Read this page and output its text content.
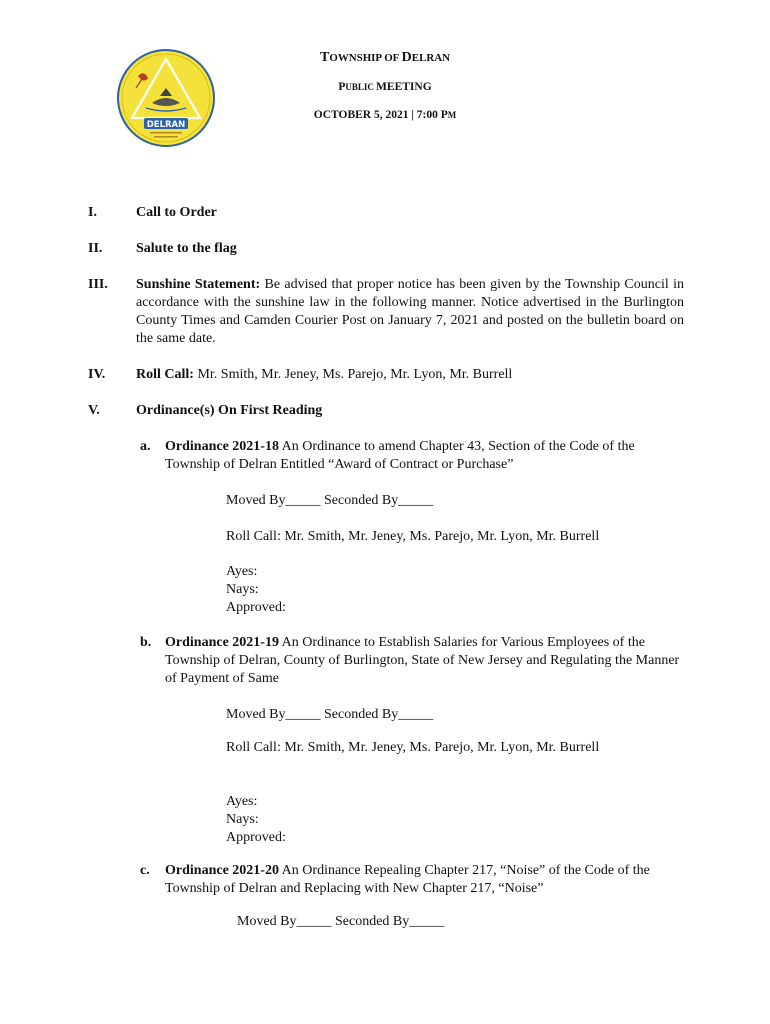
DELRAN
TOWNSHIP OF DELRAN
PUBLIC MEETING
OCTOBER 5, 2021 | 7:00 PM
I.	Call to Order
II. Salute to the flag
III. Sunshine Statement: Be advised that proper notice has been given by the Township Council in accordance with the sunshine law in the following manner. Notice advertised in the Burlington County Times and Camden Courier Post on January 7, 2021 and posted on the bulletin board on the same date.
IV. Roll Call: Mr. Smith, Mr. Jeney, Ms. Parejo, Mr. Lyon, Mr. Burrell
V.	Ordinance(s) On First Reading
a. Ordinance 2021-18 An Ordinance to amend Chapter 43, Section of the Code of the Township of Delran Entitled “Award of Contract or Purchase”
Moved By_____ Seconded By_____
Roll Call: Mr. Smith, Mr. Jeney, Ms. Parejo, Mr. Lyon, Mr. Burrell
Ayes:
Nays:
Approved:
b. Ordinance 2021-19 An Ordinance to Establish Salaries for Various Employees of the Township of Delran, County of Burlington, State of New Jersey and Regulating the Manner of Payment of Same
Moved By_____ Seconded By_____
Roll Call: Mr. Smith, Mr. Jeney, Ms. Parejo, Mr. Lyon, Mr. Burrell
Ayes:
Nays:
Approved:
c. Ordinance 2021-20 An Ordinance Repealing Chapter 217, “Noise” of the Code of the Township of Delran and Replacing with New Chapter 217, “Noise”
Moved By_____ Seconded By_____
